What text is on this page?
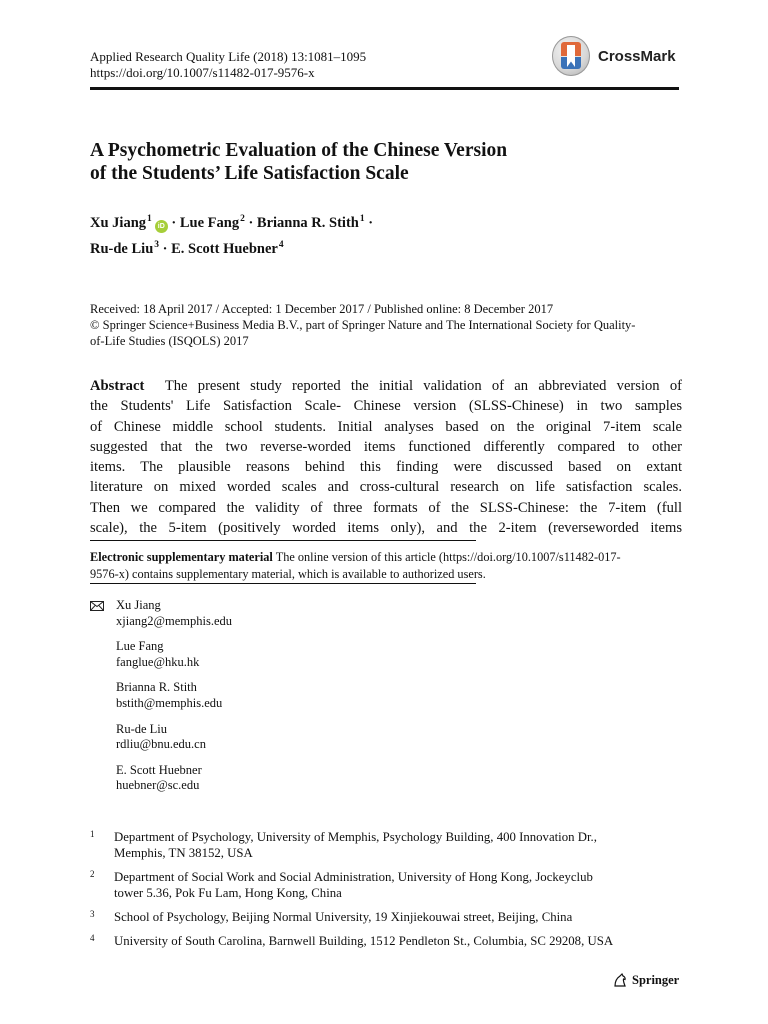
Applied Research Quality Life (2018) 13:1081–1095
https://doi.org/10.1007/s11482-017-9576-x
CrossMark
A Psychometric Evaluation of the Chinese Version
of the Students’ Life Satisfaction Scale
Xu Jiang$^1$iD · Lue Fang$^2$ · Brianna R. Stith$^1$ ·
Ru-de Liu$^3$ · E. Scott Huebner$^4$
Received: 18 April 2017 / Accepted: 1 December 2017 / Published online: 8 December 2017
© Springer Science+Business Media B.V., part of Springer Nature and The International Society for Quality-
of-Life Studies (ISQOLS) 2017
Abstract The present study reported the initial validation of an abbreviated version of
the Students' Life Satisfaction Scale- Chinese version (SLSS-Chinese) in two samples
of Chinese middle school students. Initial analyses based on the original 7-item scale
suggested that the two reverse-worded items functioned differently compared to other
items. The plausible reasons behind this finding were discussed based on extant
literature on mixed worded scales and cross-cultural research on life satisfaction scales.
Then we compared the validity of three formats of the SLSS-Chinese: the 7-item (full
scale), the 5-item (positively worded items only), and the 2-item (reverseworded items
Electronic supplementary material The online version of this article (https://doi.org/10.1007/s11482-017-
9576-x) contains supplementary material, which is available to authorized users.
Xu Jiang
xjiang2@memphis.edu
Lue Fang
fanglue@hku.hk
Brianna R. Stith
bstith@memphis.edu
Ru-de Liu
rdliu@bnu.edu.cn
E. Scott Huebner
huebner@sc.edu
1 Department of Psychology, University of Memphis, Psychology Building, 400 Innovation Dr.,
Memphis, TN 38152, USA
2 Department of Social Work and Social Administration, University of Hong Kong, Jockeyclub
tower 5.36, Pok Fu Lam, Hong Kong, China
3 School of Psychology, Beijing Normal University, 19 Xinjiekouwai street, Beijing, China
4 University of South Carolina, Barnwell Building, 1512 Pendleton St., Columbia, SC 29208, USA
Springer
